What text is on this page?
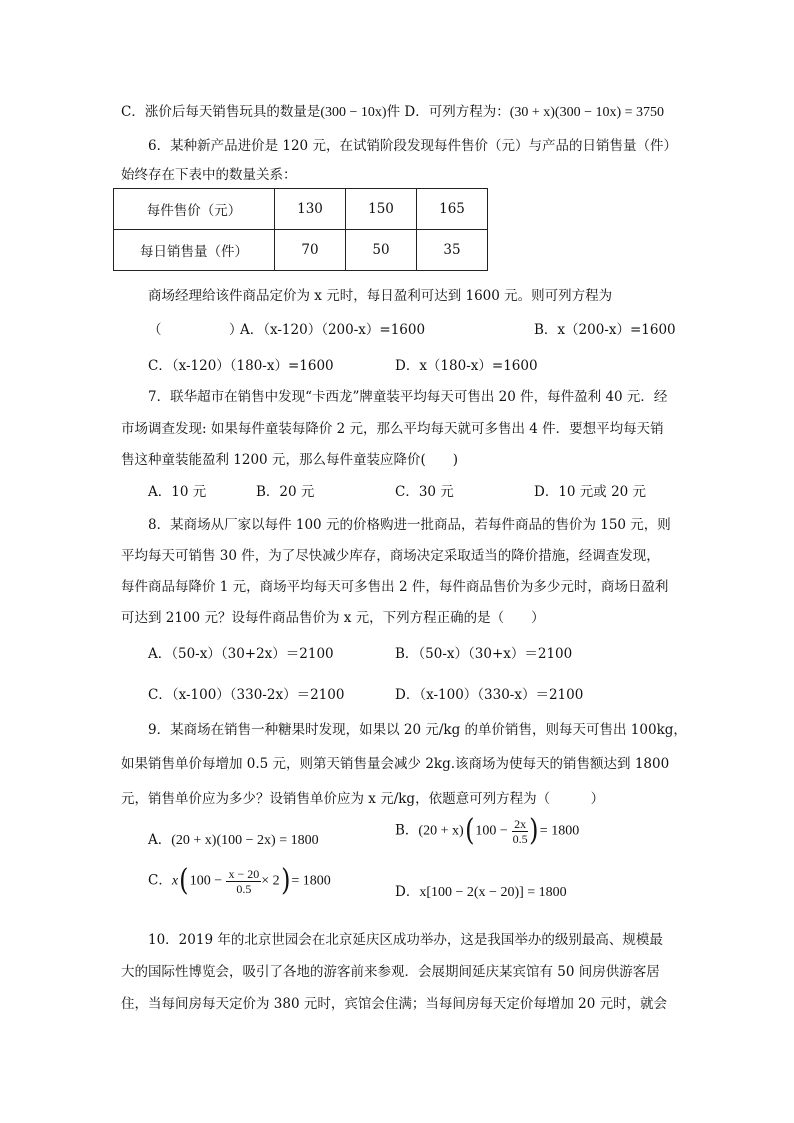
C．涨价后每天销售玩具的数量是(300 − 10x)件 D．可列方程为：(30 + x)(300 − 10x) = 3750
6．某种新产品进价是 120 元，在试销阶段发现每件售价（元）与产品的日销售量（件）
始终存在下表中的数量关系：
每件售价（元）	130	150	165
每日销售量（件）	70	50	35
商场经理给该件商品定价为 x 元时，每日盈利可达到 1600 元。则可列方程为
（　　　　　）
A．（x-120）（200-x）=1600	B．x（200-x）=1600
C．（x-120）（180-x）=1600	D．x（180-x）=1600
7．联华超市在销售中发现“卡西龙”牌童装平均每天可售出 20 件，每件盈利 40 元．经
市场调查发现: 如果每件童装每降价 2 元，那么平均每天就可多售出 4 件．要想平均每天销
售这种童装能盈利 1200 元，那么每件童装应降价(　　)
A．10 元	B．20 元	C．30 元	D．10 元或 20 元
8．某商场从厂家以每件 100 元的价格购进一批商品，若每件商品的售价为 150 元，则
平均每天可销售 30 件，为了尽快减少库存，商场决定采取适当的降价措施，经调查发现，
每件商品每降价 1 元，商场平均每天可多售出 2 件，每件商品售价为多少元时，商场日盈利
可达到 2100 元？设每件商品售价为 x 元，下列方程正确的是（　　）
A．（50-x）（30+2x）＝2100	B．（50-x）（30+x）＝2100
C．（x-100）（330-2x）＝2100	D．（x-100）（330-x）＝2100
9．某商场在销售一种糖果时发现，如果以 20 元/kg 的单价销售，则每天可售出 100kg，
如果销售单价每增加 0.5 元，则第天销售量会减少 2kg.该商场为使每天的销售额达到 1800
元，销售单价应为多少？设销售单价应为 x 元/kg，依题意可列方程为（　　　）
A．(20 + x)(100 − 2x) = 1800
B．$(20 + x)(100 - \frac{2x}{0.5}$ )= 1800
C．$x(100 - \frac{x - 20}{0.5} \times 2)= 1800$
D．x[100 − 2(x − 20)] = 1800
10．2019 年的北京世园会在北京延庆区成功举办，这是我国举办的级别最高、规模最
大的国际性博览会，吸引了各地的游客前来参观．会展期间延庆某宾馆有 50 间房供游客居
住，当每间房每天定价为 380 元时，宾馆会住满；当每间房每天定价每增加 20 元时，就会
